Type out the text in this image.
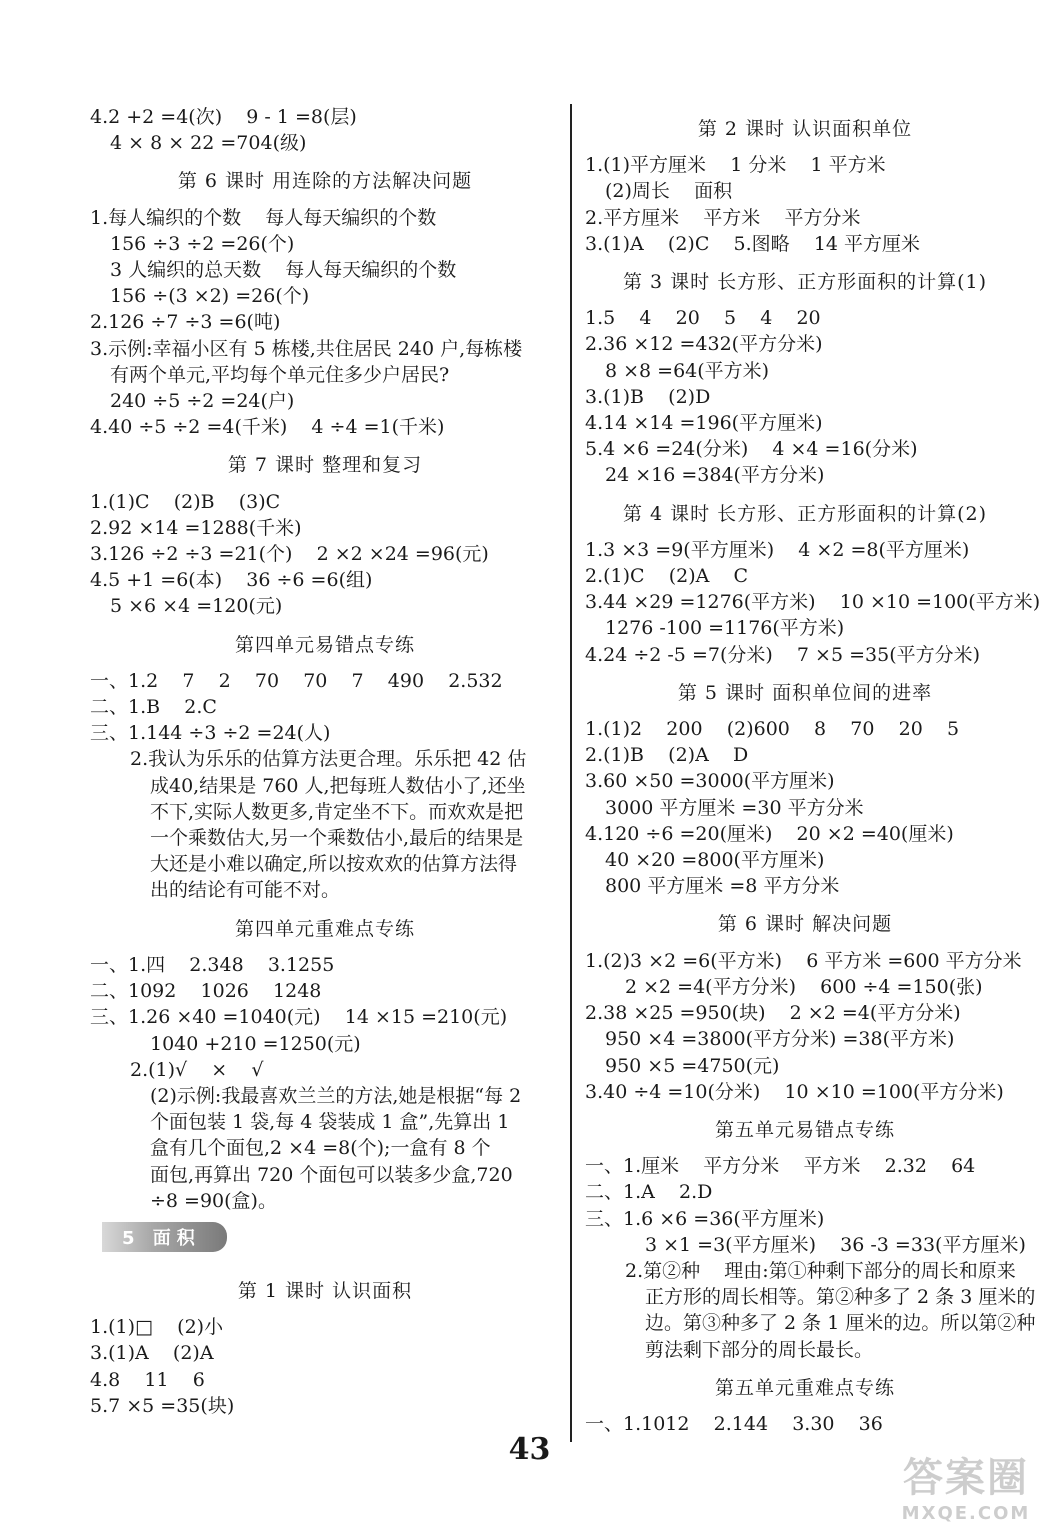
4.2 +2 =4(次)    9 - 1 =8(层)
4 × 8 × 22 =704(级)
第 6 课时 用连除的方法解决问题
1.每人编织的个数    每人每天编织的个数
156 ÷3 ÷2 =26(个)
3 人编织的总天数    每人每天编织的个数
156 ÷(3 ×2) =26(个)
2.126 ÷7 ÷3 =6(吨)
3.示例:幸福小区有 5 栋楼,共住居民 240 户,每栋楼
有两个单元,平均每个单元住多少户居民?
240 ÷5 ÷2 =24(户)
4.40 ÷5 ÷2 =4(千米)    4 ÷4 =1(千米)
第 7 课时 整理和复习
1.(1)C    (2)B    (3)C
2.92 ×14 =1288(千米)
3.126 ÷2 ÷3 =21(个)    2 ×2 ×24 =96(元)
4.5 +1 =6(本)    36 ÷6 =6(组)
5 ×6 ×4 =120(元)
第四单元易错点专练
一、1.2    7    2    70    70    7    490    2.532
二、1.B    2.C
三、1.144 ÷3 ÷2 =24(人)
2.我认为乐乐的估算方法更合理。乐乐把 42 估
成40,结果是 760 人,把每班人数估小了,还坐
不下,实际人数更多,肯定坐不下。而欢欢是把
一个乘数估大,另一个乘数估小,最后的结果是
大还是小难以确定,所以按欢欢的估算方法得
出的结论有可能不对。
第四单元重难点专练
一、1.四    2.348    3.1255
二、1092    1026    1248
三、1.26 ×40 =1040(元)    14 ×15 =210(元)
1040 +210 =1250(元)
2.(1)√    ×    √
(2)示例:我最喜欢兰兰的方法,她是根据“每 2
个面包装 1 袋,每 4 袋装成 1 盒”,先算出 1
盒有几个面包,2 ×4 =8(个);一盒有 8 个
面包,再算出 720 个面包可以装多少盒,720
÷8 =90(盒)。
5 面积
第 1 课时 认识面积
1.(1)□    (2)小
3.(1)A    (2)A
4.8    11    6
5.7 ×5 =35(块)
第 2 课时 认识面积单位
1.(1)平方厘米    1 分米    1 平方米
(2)周长    面积
2.平方厘米    平方米    平方分米
3.(1)A    (2)C    5.图略    14 平方厘米
第 3 课时 长方形、正方形面积的计算(1)
1.5    4    20    5    4    20
2.36 ×12 =432(平方分米)
8 ×8 =64(平方米)
3.(1)B    (2)D
4.14 ×14 =196(平方厘米)
5.4 ×6 =24(分米)    4 ×4 =16(分米)
24 ×16 =384(平方分米)
第 4 课时 长方形、正方形面积的计算(2)
1.3 ×3 =9(平方厘米)    4 ×2 =8(平方厘米)
2.(1)C    (2)A    C
3.44 ×29 =1276(平方米)    10 ×10 =100(平方米)
1276 -100 =1176(平方米)
4.24 ÷2 -5 =7(分米)    7 ×5 =35(平方分米)
第 5 课时 面积单位间的进率
1.(1)2    200    (2)600    8    70    20    5
2.(1)B    (2)A    D
3.60 ×50 =3000(平方厘米)
3000 平方厘米 =30 平方分米
4.120 ÷6 =20(厘米)    20 ×2 =40(厘米)
40 ×20 =800(平方厘米)
800 平方厘米 =8 平方分米
第 6 课时 解决问题
1.(2)3 ×2 =6(平方米)    6 平方米 =600 平方分米
2 ×2 =4(平方分米)    600 ÷4 =150(张)
2.38 ×25 =950(块)    2 ×2 =4(平方分米)
950 ×4 =3800(平方分米) =38(平方米)
950 ×5 =4750(元)
3.40 ÷4 =10(分米)    10 ×10 =100(平方分米)
第五单元易错点专练
一、1.厘米    平方分米    平方米    2.32    64
二、1.A    2.D
三、1.6 ×6 =36(平方厘米)
3 ×1 =3(平方厘米)    36 -3 =33(平方厘米)
2.第②种    理由:第①种剩下部分的周长和原来
正方形的周长相等。第②种多了 2 条 3 厘米的
边。第③种多了 2 条 1 厘米的边。所以第②种
剪法剩下部分的周长最长。
第五单元重难点专练
一、1.1012    2.144    3.30    36
43
答案圈
MXQE.COM
